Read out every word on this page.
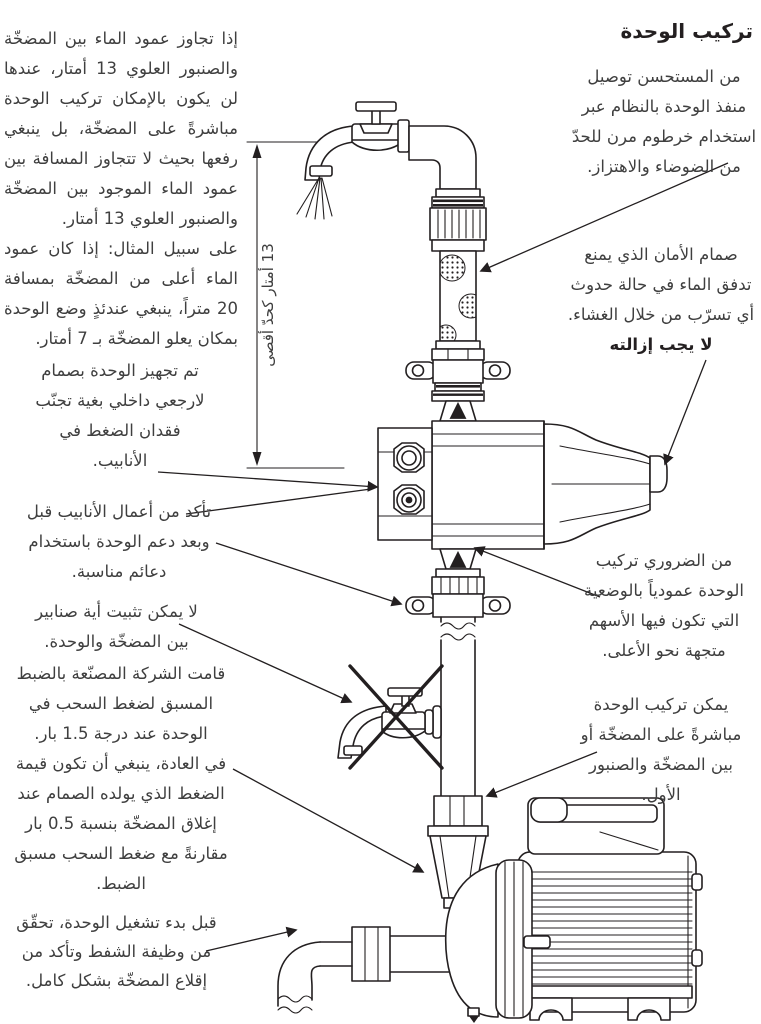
13 أمتار كحدّ أقصى
تركيب الوحدة
إذا تجاوز عمود الماء بين المضخّة والصنبور العلوي 13 أمتار، عندها لن يكون بالإمكان تركيب الوحدة مباشرةً على المضخّة، بل ينبغي رفعها بحيث لا تتجاوز المسافة بين عمود الماء الموجود بين المضخّة والصنبور العلوي 13 أمتار.
على سبيل المثال: إذا كان عمود الماء أعلى من المضخّة بمسافة 20 متراً، ينبغي عندئذٍ وضع الوحدة بمكان يعلو المضخّة بـ 7 أمتار.
تم تجهيز الوحدة بصمام لارجعي داخلي بغية تجنّب فقدان الضغط في الأنابيب.
تأكد من أعمال الأنابيب قبل وبعد دعم الوحدة باستخدام دعائم مناسبة.
لا يمكن تثبيت أية صنابير بين المضخّة والوحدة.
قامت الشركة المصنّعة بالضبط المسبق لضغط السحب في الوحدة عند درجة 1.5 بار.
في العادة، ينبغي أن تكون قيمة الضغط الذي يولده الصمام عند إغلاق المضخّة بنسبة 0.5 بار مقارنةً مع ضغط السحب مسبق الضبط.
قبل بدء تشغيل الوحدة، تحقّق من وظيفة الشفط وتأكد من إقلاع المضخّة بشكل كامل.
من المستحسن توصيل منفذ الوحدة بالنظام عبر استخدام خرطوم مرن للحدّ من الضوضاء والاهتزاز.
صمام الأمان الذي يمنع تدفق الماء في حالة حدوث أي تسرّب من خلال الغشاء.
لا يجب إزالته
من الضروري تركيب الوحدة عمودياً بالوضعية التي تكون فيها الأسهم متجهة نحو الأعلى.
يمكن تركيب الوحدة مباشرةً على المضخّة أو بين المضخّة والصنبور الأول.
